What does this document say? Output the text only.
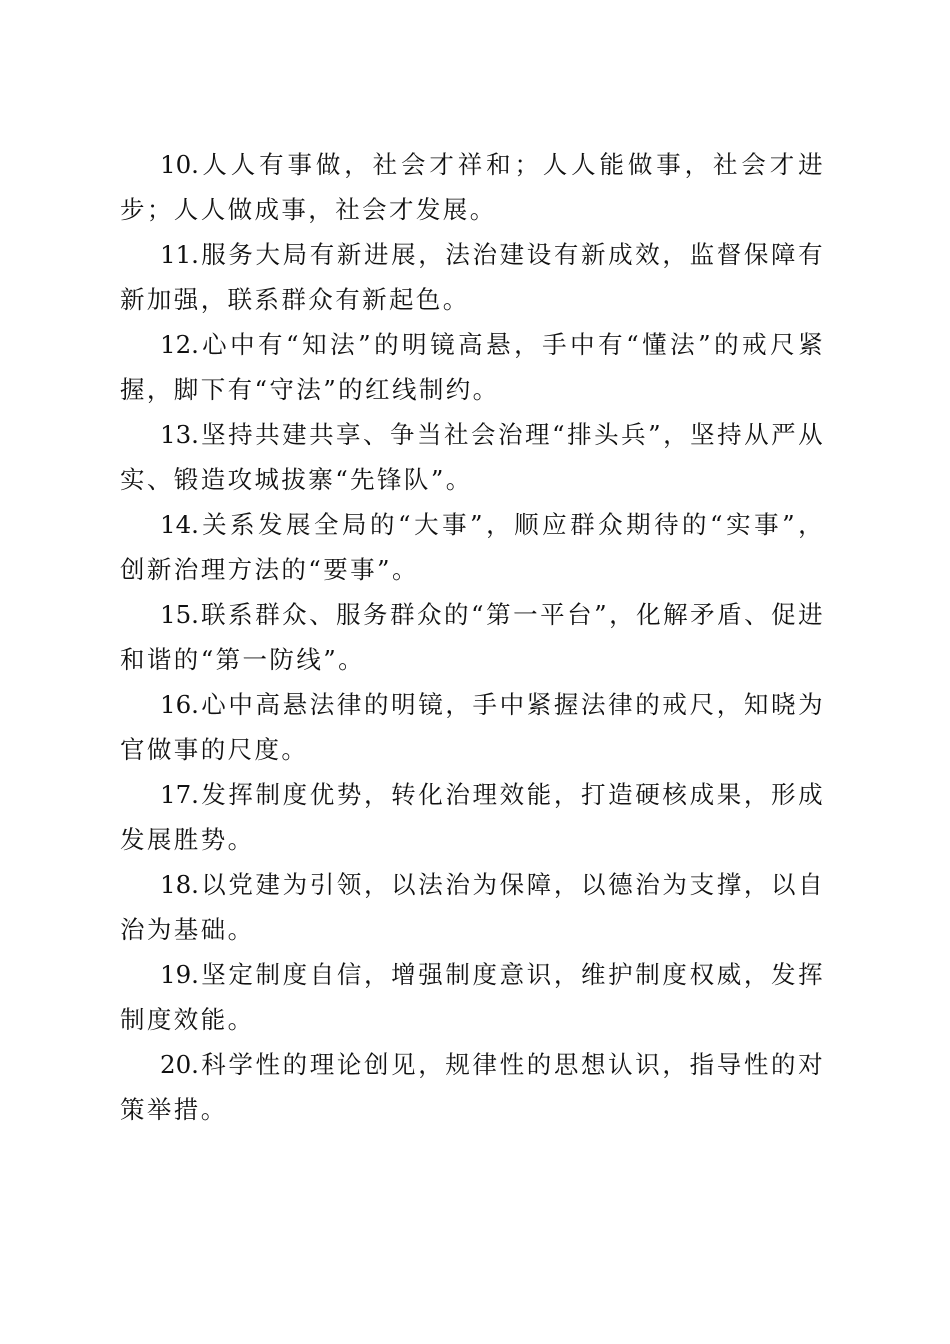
10.人人有事做，社会才祥和；人人能做事，社会才进步；人人做成事，社会才发展。

11.服务大局有新进展，法治建设有新成效，监督保障有新加强，联系群众有新起色。

12.心中有“知法”的明镜高悬，手中有“懂法”的戒尺紧握，脚下有“守法”的红线制约。

13.坚持共建共享、争当社会治理“排头兵”，坚持从严从实、锻造攻城拔寨“先锋队”。

14.关系发展全局的“大事”，顺应群众期待的“实事”，创新治理方法的“要事”。

15.联系群众、服务群众的“第一平台”，化解矛盾、促进和谐的“第一防线”。

16.心中高悬法律的明镜，手中紧握法律的戒尺，知晓为官做事的尺度。

17.发挥制度优势，转化治理效能，打造硬核成果，形成发展胜势。

18.以党建为引领，以法治为保障，以德治为支撑，以自治为基础。

19.坚定制度自信，增强制度意识，维护制度权威，发挥制度效能。

20.科学性的理论创见，规律性的思想认识，指导性的对策举措。
